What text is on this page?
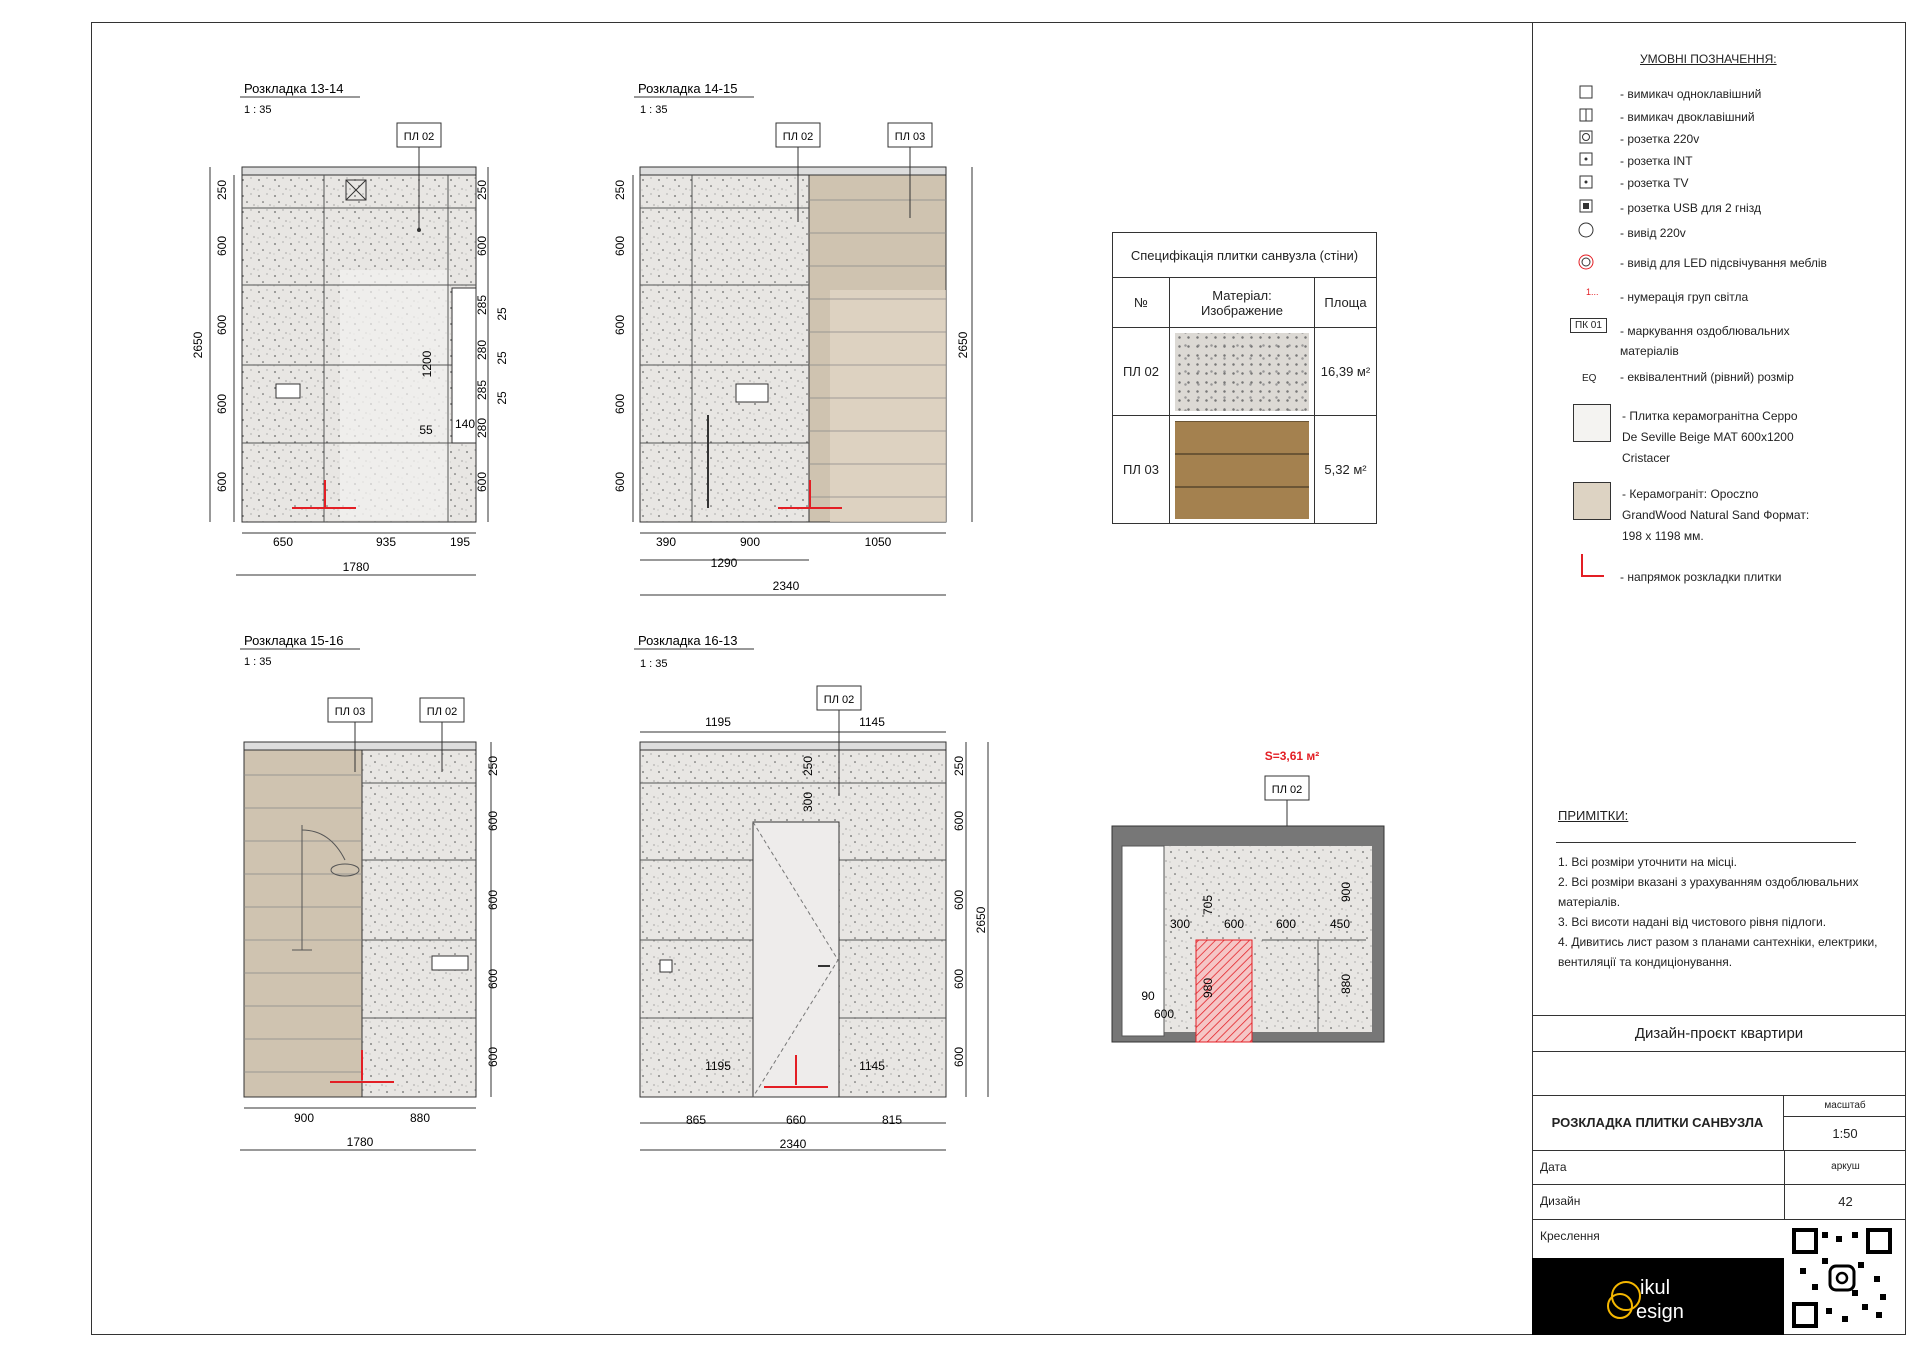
Розкладка 13-14
1 : 35
ПЛ 02
650	935	195
1780
250
600
600
600
600
2650
250
600
600
1200
55 140
285
280
285
280
25
25
25
Розкладка 14-15
1 : 35
ПЛ 02	ПЛ 03
390	900	1050
1290
2340
250
600
600
600
600
2650
Розкладка 15-16
1 : 35
ПЛ 03	ПЛ 02
900	880
1780
250
600
600
600
600
Розкладка 16-13
1 : 35
ПЛ 02
1195	1145
1195	1145
865	660	815
2340
250
300
250
600
600
600
600
2650
S=3,61 м²
ПЛ 02
300
705
600	600	450
900
880
90
600
980
Специфікація плитки санвузла (стіни)		
№	Матеріал: Изображение	Площа
ПЛ 02		16,39 м²
ПЛ 03		5,32 м²
УМОВНІ ПОЗНАЧЕННЯ:
1...
ПК 01
EQ
- вимикач одноклавішний
- вимикач двоклавішний
- розетка 220v
- розетка INT
- розетка TV
- розетка USB для 2 гнізд
- вивід 220v
- вивід для LED підсвічування меблів
- нумерація груп світла
- маркування оздоблювальних матеріалів
- еквівалентний (рівний) розмір
- Плитка керамогранітна Ceppo De Seville Beige MAT 600x1200 Cristacer
- Керамограніт: Opoczno GrandWood Natural Sand Формат: 198 х 1198 мм.
- напрямок розкладки плитки
ПРИМІТКИ:
1. Всі розміри уточнити на місці.
2. Всі розміри вказані з урахуванням оздоблювальних матеріалів.
3. Всі висоти надані від чистового рівня підлоги.
4. Дивитись лист разом з планами сантехніки, електрики, вентиляції та кондиціонування.
Дизайн-проєкт квартири
РОЗКЛАДКА ПЛИТКИ САНВУЗЛА
масштаб
1:50
Дата	аркуш
Дизайн	42
Креслення
ikul
esign
